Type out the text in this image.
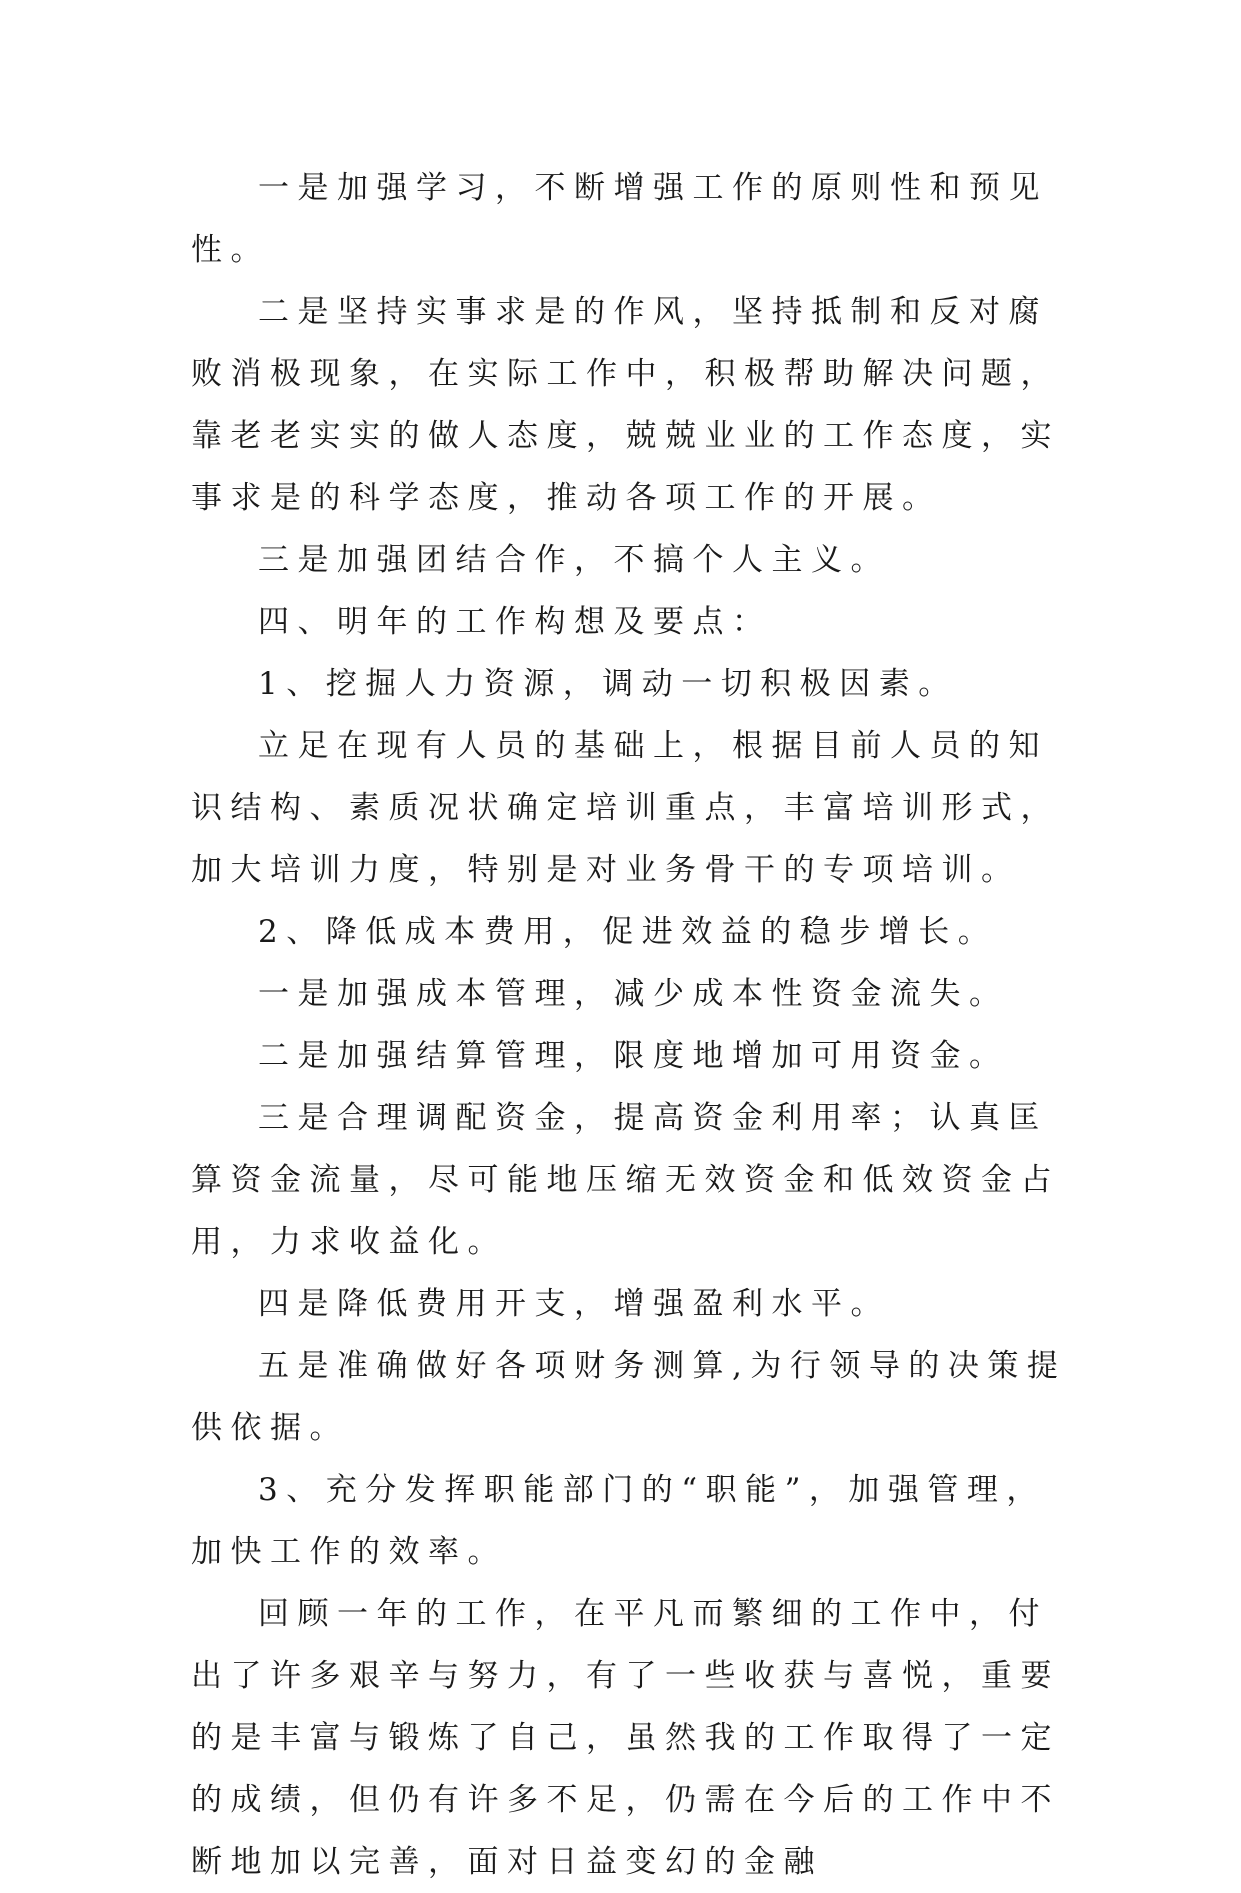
一是加强学习，不断增强工作的原则性和预见性。

二是坚持实事求是的作风，坚持抵制和反对腐败消极现象，在实际工作中，积极帮助解决问题，靠老老实实的做人态度，兢兢业业的工作态度，实事求是的科学态度，推动各项工作的开展。

三是加强团结合作，不搞个人主义。

四、明年的工作构想及要点：

1、挖掘人力资源，调动一切积极因素。

立足在现有人员的基础上，根据目前人员的知识结构、素质况状确定培训重点，丰富培训形式，加大培训力度，特别是对业务骨干的专项培训。

2、降低成本费用，促进效益的稳步增长。

一是加强成本管理，减少成本性资金流失。

二是加强结算管理，限度地增加可用资金。

三是合理调配资金，提高资金利用率；认真匡算资金流量，尽可能地压缩无效资金和低效资金占用，力求收益化。

四是降低费用开支，增强盈利水平。

五是准确做好各项财务测算,为行领导的决策提供依据。

3、充分发挥职能部门的“职能”，加强管理，加快工作的效率。

回顾一年的工作，在平凡而繁细的工作中，付出了许多艰辛与努力，有了一些收获与喜悦，重要的是丰富与锻炼了自己，虽然我的工作取得了一定的成绩，但仍有许多不足，仍需在今后的工作中不断地加以完善，面对日益变幻的金融
